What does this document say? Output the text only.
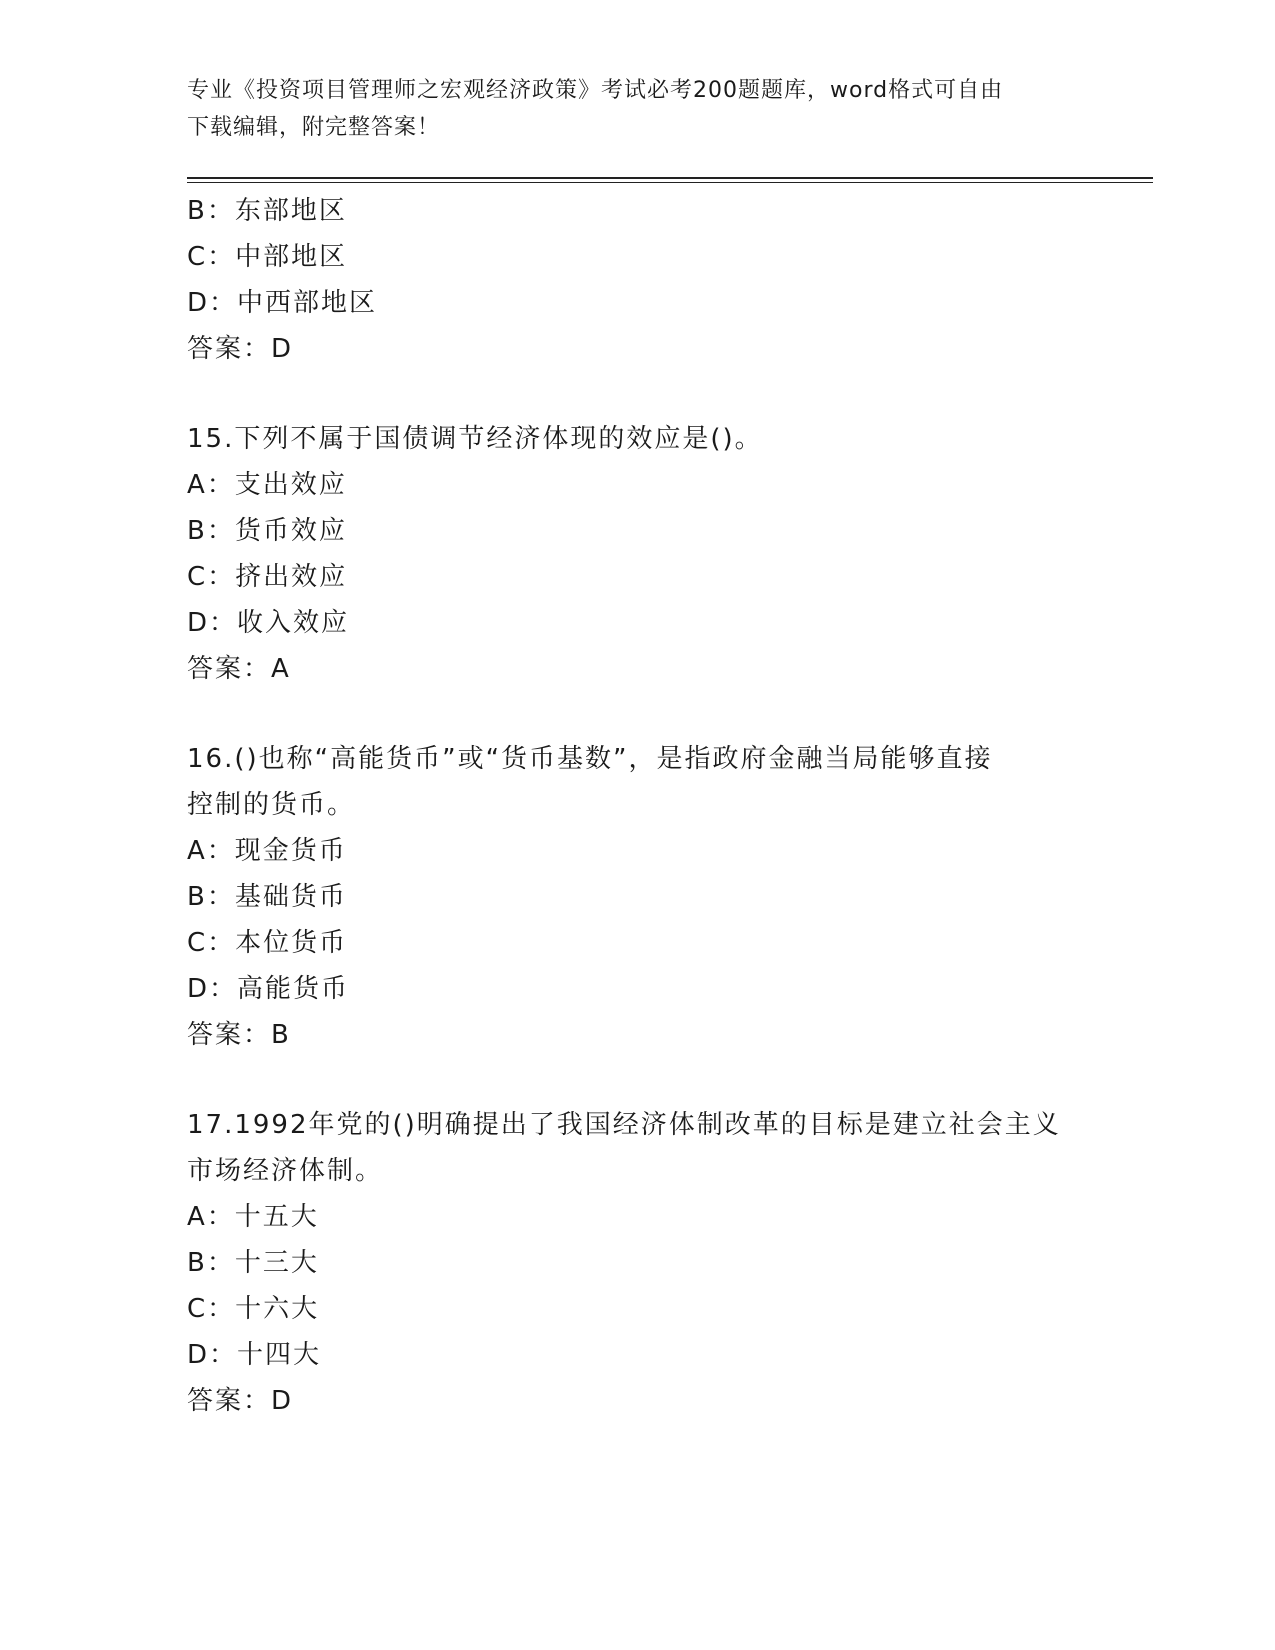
专业《投资项目管理师之宏观经济政策》考试必考200题题库，word格式可自由
下载编辑，附完整答案！
B：东部地区
C：中部地区
D：中西部地区
答案：D
15.下列不属于国债调节经济体现的效应是()。
A：支出效应
B：货币效应
C：挤出效应
D：收入效应
答案：A
16.()也称“高能货币”或“货币基数”，是指政府金融当局能够直接
控制的货币。
A：现金货币
B：基础货币
C：本位货币
D：高能货币
答案：B
17.1992年党的()明确提出了我国经济体制改革的目标是建立社会主义
市场经济体制。
A：十五大
B：十三大
C：十六大
D：十四大
答案：D
